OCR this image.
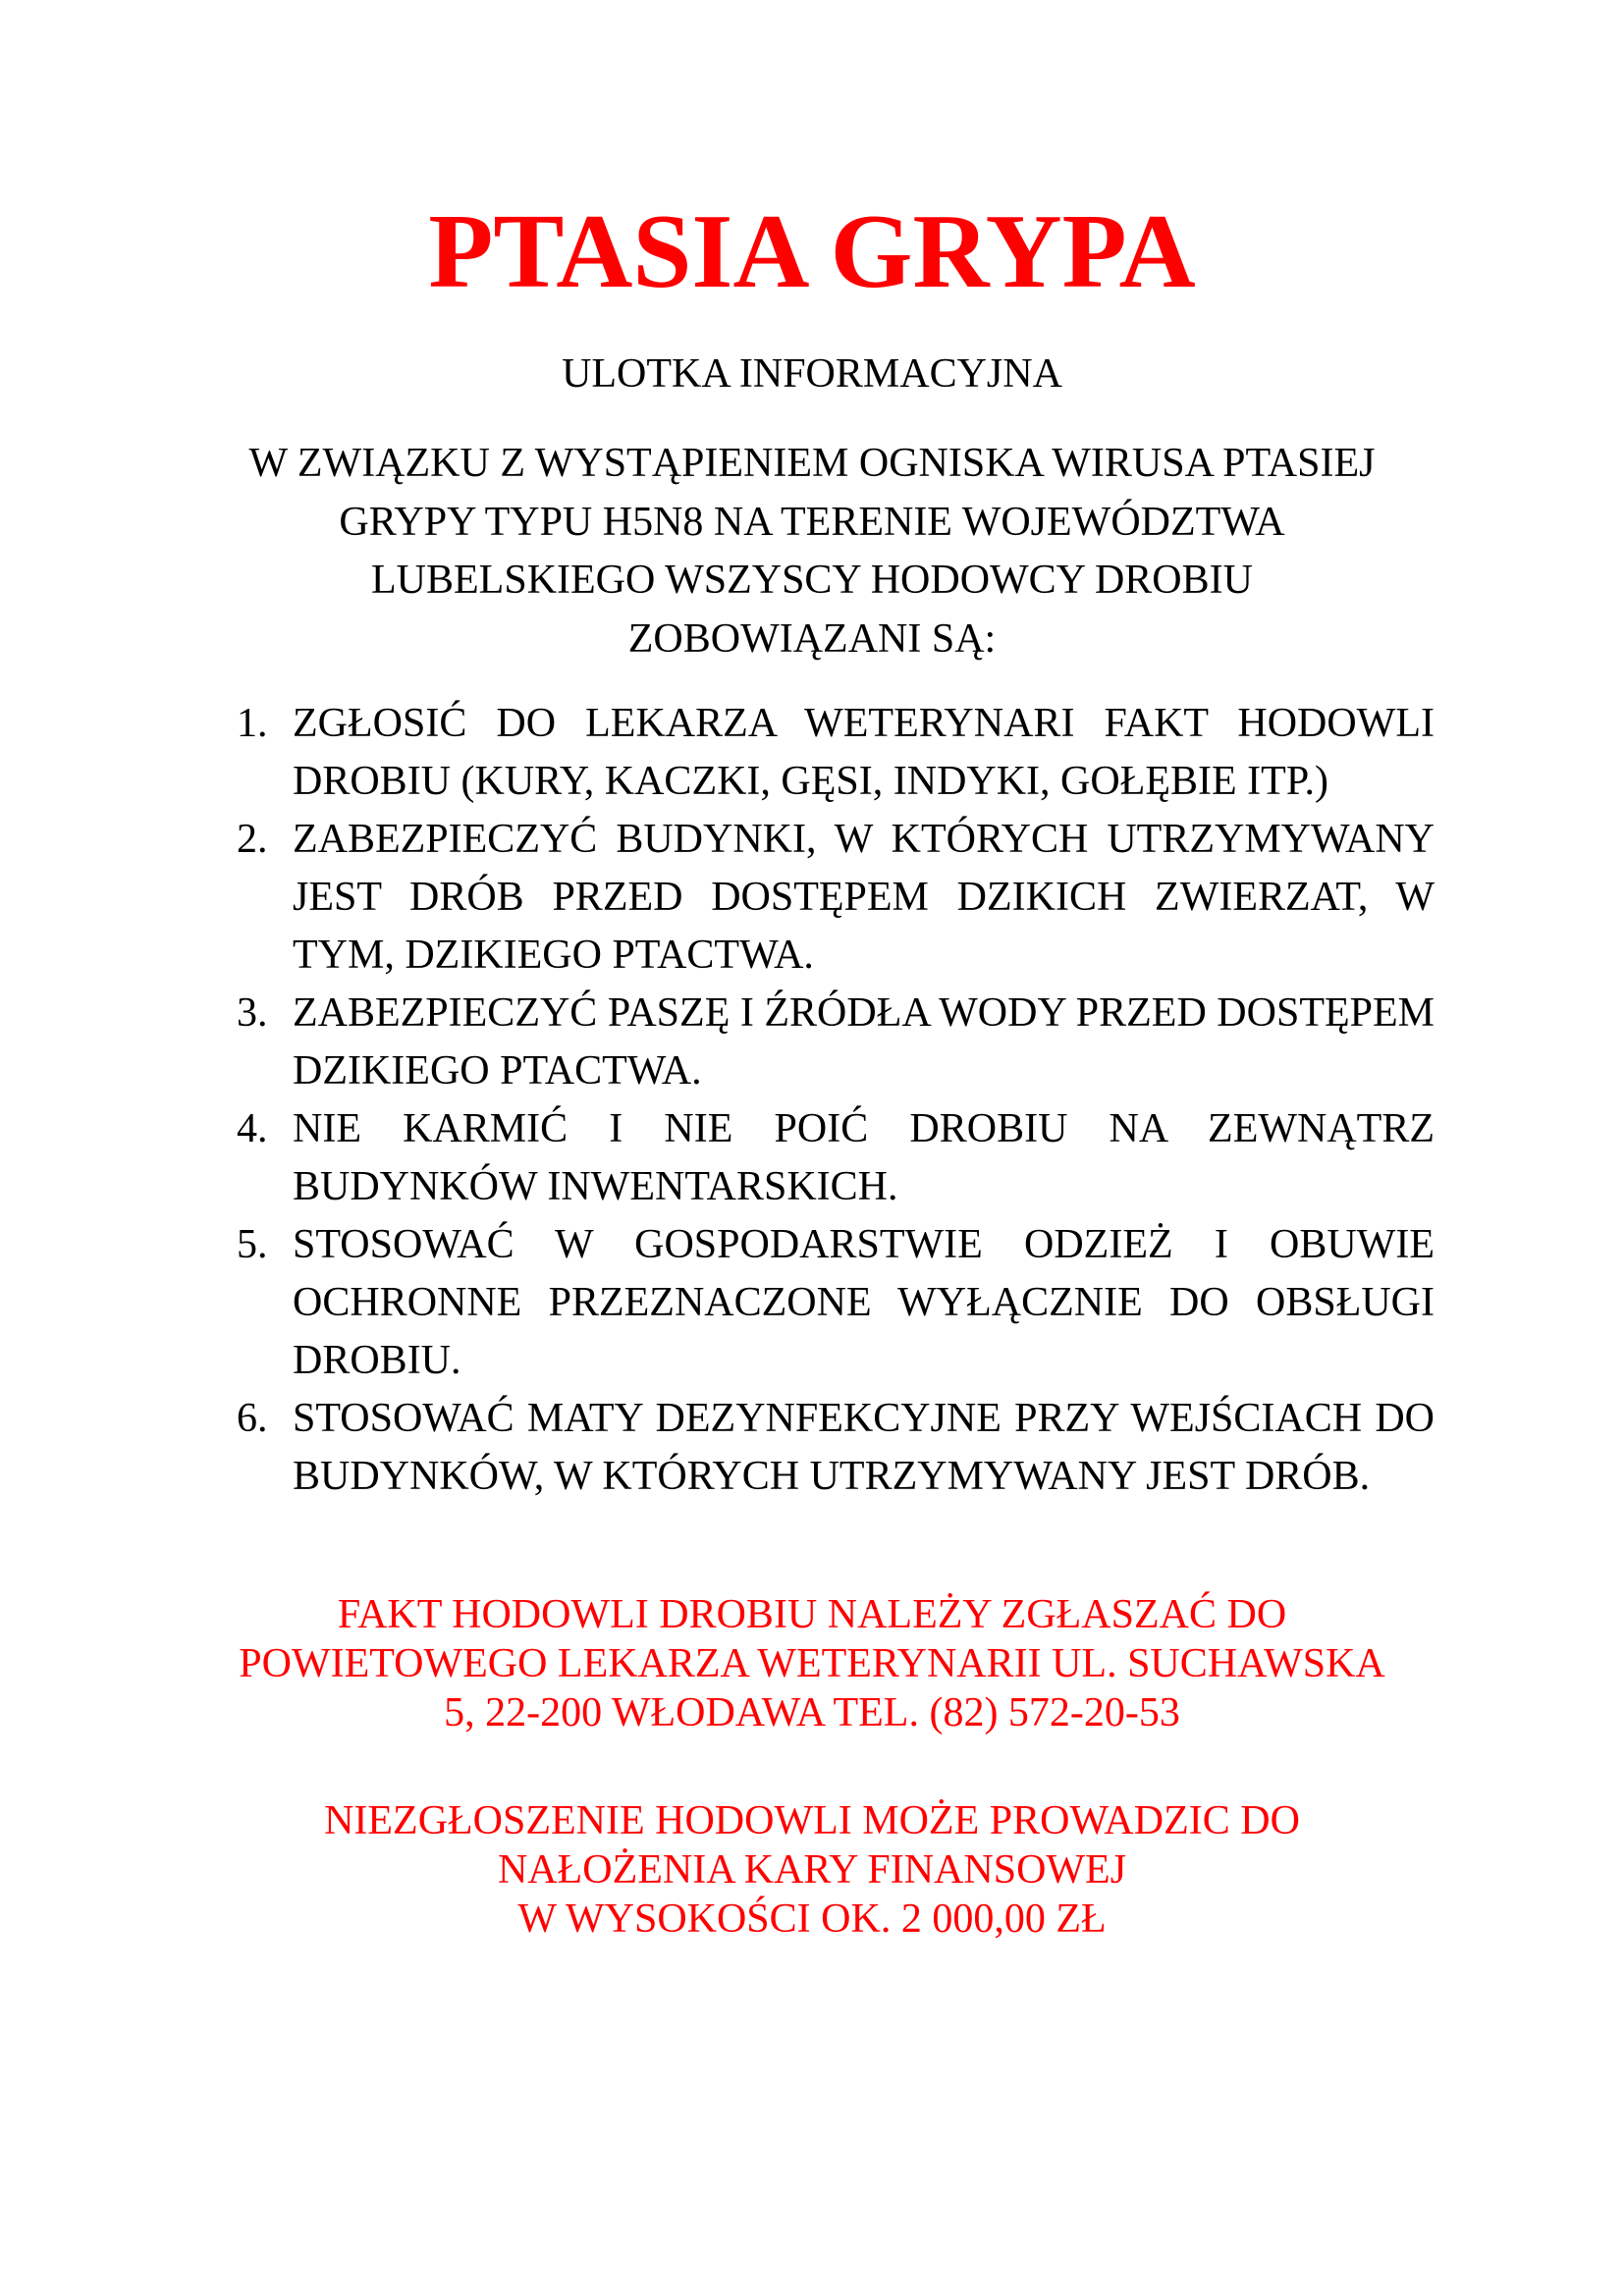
PTASIA GRYPA

ULOTKA INFORMACYJNA

W ZWIĄZKU Z WYSTĄPIENIEM OGNISKA WIRUSA PTASIEJ
GRYPY TYPU H5N8 NA TERENIE WOJEWÓDZTWA
LUBELSKIEGO WSZYSCY HODOWCY DROBIU
ZOBOWIĄZANI SĄ:

1. ZGŁOSIĆ DO LEKARZA WETERYNARI FAKT HODOWLI DROBIU (KURY, KACZKI, GĘSI, INDYKI, GOŁĘBIE ITP.)
2. ZABEZPIECZYĆ BUDYNKI, W KTÓRYCH UTRZYMYWANY JEST DRÓB PRZED DOSTĘPEM DZIKICH ZWIERZAT, W TYM, DZIKIEGO PTACTWA.
3. ZABEZPIECZYĆ PASZĘ I ŹRÓDŁA WODY PRZED DOSTĘPEM DZIKIEGO PTACTWA.
4. NIE KARMIĆ I NIE POIĆ DROBIU NA ZEWNĄTRZ BUDYNKÓW INWENTARSKICH.
5. STOSOWAĆ W GOSPODARSTWIE ODZIEŻ I OBUWIE OCHRONNE PRZEZNACZONE WYŁĄCZNIE DO OBSŁUGI DROBIU.
6. STOSOWAĆ MATY DEZYNFEKCYJNE PRZY WEJŚCIACH DO BUDYNKÓW, W KTÓRYCH UTRZYMYWANY JEST DRÓB.

FAKT HODOWLI DROBIU NALEŻY ZGŁASZAĆ DO
POWIETOWEGO LEKARZA WETERYNARII UL. SUCHAWSKA
5, 22-200 WŁODAWA TEL. (82) 572-20-53

NIEZGŁOSZENIE HODOWLI MOŻE PROWADZIC DO
NAŁOŻENIA KARY FINANSOWEJ
W WYSOKOŚCI OK. 2 000,00 ZŁ
